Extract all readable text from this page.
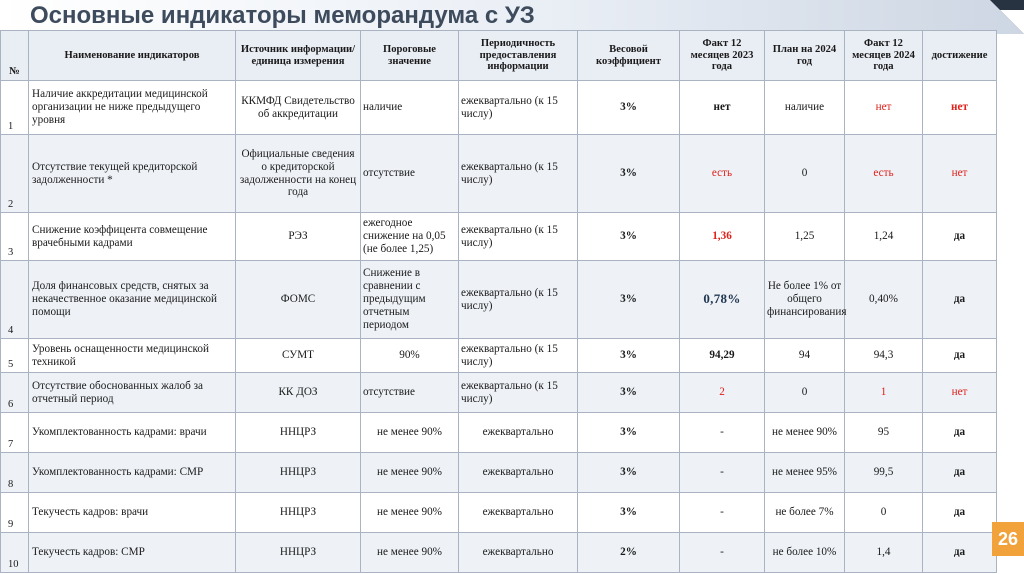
Основные индикаторы меморандума с УЗ
№	Наименование индикаторов	Источник информации/ единица измерения	Пороговые значение	Периодичность предоставления информации	Весовой коэффициент	Факт 12 месяцев 2023 года	План на 2024 год	Факт 12 месяцев 2024 года	достижение
1	Наличие аккредитации медицинской организации не ниже предыдущего уровня	ККМФД Свидетельство об аккредитации	наличие	ежеквартально (к 15 числу)	3%	нет	наличие	нет	нет
2	Отсутствие текущей кредиторской задолженности *	Официальные сведения о кредиторской задолженности на конец года	отсутствие	ежеквартально (к 15 числу)	3%	есть	0	есть	нет
3	Снижение коэффицента совмещение врачебными кадрами	РЭЗ	ежегодное снижение на 0,05 (не более 1,25)	ежеквартально (к 15 числу)	3%	1,36	1,25	1,24	да
4	Доля финансовых средств, снятых за некачественное оказание медицинской помощи	ФОМС	Снижение в сравнении с предыдущим отчетным периодом	ежеквартально (к 15 числу)	3%	0,78%	Не более 1% от общего финансирования	0,40%	да
5	Уровень оснащенности медицинской техникой	СУМТ	90%	ежеквартально (к 15 числу)	3%	94,29	94	94,3	да
6	Отсутствие обоснованных жалоб за отчетный период	КК ДОЗ	отсутствие	ежеквартально (к 15 числу)	3%	2	0	1	нет
7	Укомплектованность кадрами: врачи	ННЦРЗ	не менее 90%	ежеквартально	3%	-	не менее 90%	95	да
8	Укомплектованность кадрами: СМР	ННЦРЗ	не менее 90%	ежеквартально	3%	-	не менее 95%	99,5	да
9	Текучесть кадров: врачи	ННЦРЗ	не менее 90%	ежеквартально	3%	-	не более 7%	0	да
10	Текучесть кадров: СМР	ННЦРЗ	не менее 90%	ежеквартально	2%	-	не более 10%	1,4	да
26
